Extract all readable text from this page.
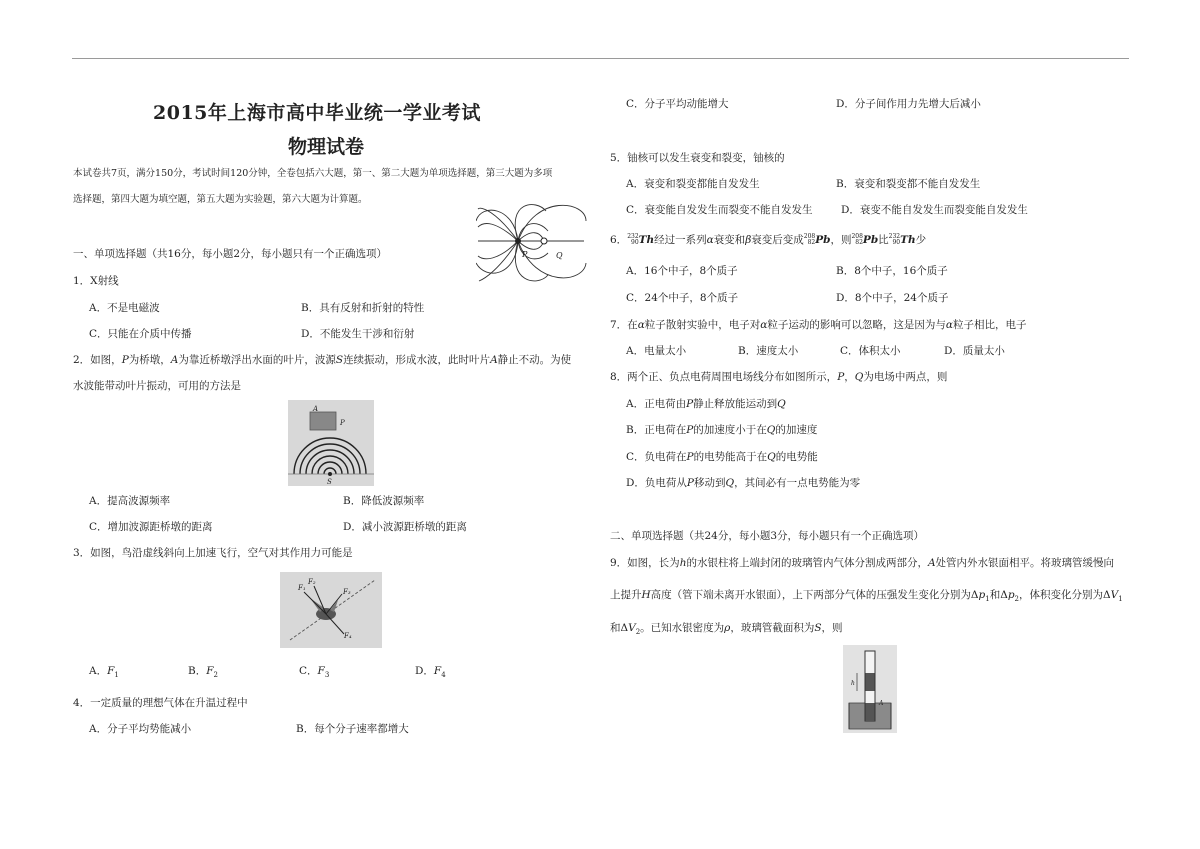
2015年上海市高中毕业统一学业考试
物理试卷
本试卷共7页，满分150分，考试时间120分钟，全卷包括六大题，第一、第二大题为单项选择题，第三大题为多项
选择题，第四大题为填空题，第五大题为实验题，第六大题为计算题。
P	Q
一、单项选择题（共16分，每小题2分，每小题只有一个正确选项）
1．X射线
A．不是电磁波	B．具有反射和折射的特性
C．只能在介质中传播	D．不能发生干涉和衍射
2．如图，P为桥墩，A为靠近桥墩浮出水面的叶片，波源S连续振动，形成水波，此时叶片A静止不动。为使
水波能带动叶片振动，可用的方法是
A
P
S
A．提高波源频率	B．降低波源频率
C．增加波源距桥墩的距离	D．减小波源距桥墩的距离
3．如图，鸟沿虚线斜向上加速飞行，空气对其作用力可能是
F₁
F₂
F₃
F₄
A．$F_1$	B．$F_2$	C．$F_3$	D．$F_4$
4．一定质量的理想气体在升温过程中
A．分子平均势能减小	B．每个分子速率都增大
C．分子平均动能增大	D．分子间作用力先增大后减小
5．铀核可以发生衰变和裂变，铀核的
A．衰变和裂变都能自发发生	B．衰变和裂变都不能自发发生
C．衰变能自发发生而裂变不能自发发生	D．衰变不能自发发生而裂变能自发发生
6．232
90Th经过一系列α衰变和β衰变后变成208
82Pb，则208
82Pb比232
90Th少
A．16个中子，8个质子	B．8个中子，16个质子
C．24个中子，8个质子	D．8个中子，24个质子
7．在α粒子散射实验中，电子对α粒子运动的影响可以忽略，这是因为与α粒子相比，电子
A．电量太小	B．速度太小	C．体积太小	D．质量太小
8．两个正、负点电荷周围电场线分布如图所示，P，Q为电场中两点，则
A．正电荷由P静止释放能运动到Q
B．正电荷在P的加速度小于在Q的加速度
C．负电荷在P的电势能高于在Q的电势能
D．负电荷从P移动到Q，其间必有一点电势能为零
二、单项选择题（共24分，每小题3分，每小题只有一个正确选项）
9．如图，长为h的水银柱将上端封闭的玻璃管内气体分割成两部分，A处管内外水银面相平。将玻璃管缓慢向
上提升H高度（管下端未离开水银面），上下两部分气体的压强发生变化分别为$\Delta p_1$和$\Delta p_2$，体积变化分别为$\Delta V_1$
和$\Delta V_2$。已知水银密度为ρ，玻璃管截面积为S，则
h
A
